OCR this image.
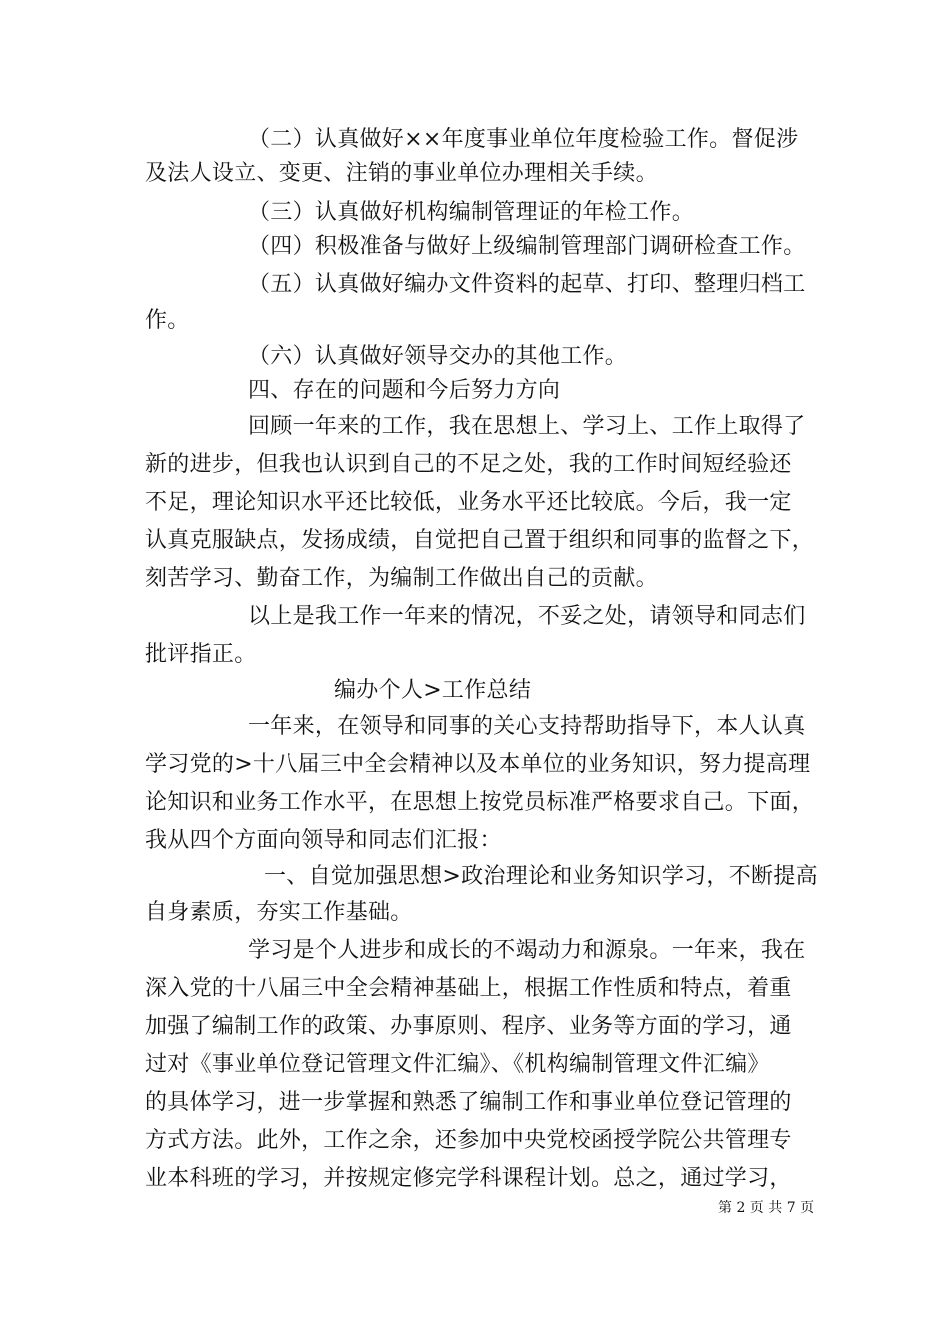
（二）认真做好××年度事业单位年度检验工作。督促涉
及法人设立、变更、注销的事业单位办理相关手续。
（三）认真做好机构编制管理证的年检工作。
（四）积极准备与做好上级编制管理部门调研检查工作。
（五）认真做好编办文件资料的起草、打印、整理归档工
作。
（六）认真做好领导交办的其他工作。
四、存在的问题和今后努力方向
回顾一年来的工作，我在思想上、学习上、工作上取得了
新的进步，但我也认识到自己的不足之处，我的工作时间短经验还
不足，理论知识水平还比较低，业务水平还比较底。今后，我一定
认真克服缺点，发扬成绩，自觉把自己置于组织和同事的监督之下，
刻苦学习、勤奋工作，为编制工作做出自己的贡献。
以上是我工作一年来的情况，不妥之处，请领导和同志们
批评指正。
编办个人>工作总结
一年来，在领导和同事的关心支持帮助指导下，本人认真
学习党的>十八届三中全会精神以及本单位的业务知识，努力提高理
论知识和业务工作水平，在思想上按党员标准严格要求自己。下面，
我从四个方面向领导和同志们汇报：
一、自觉加强思想>政治理论和业务知识学习，不断提高
自身素质，夯实工作基础。
学习是个人进步和成长的不竭动力和源泉。一年来，我在
深入党的十八届三中全会精神基础上，根据工作性质和特点，着重
加强了编制工作的政策、办事原则、程序、业务等方面的学习，通
过对《事业单位登记管理文件汇编》、《机构编制管理文件汇编》
的具体学习，进一步掌握和熟悉了编制工作和事业单位登记管理的
方式方法。此外，工作之余，还参加中央党校函授学院公共管理专
业本科班的学习，并按规定修完学科课程计划。总之，通过学习，
第 2 页 共 7 页
